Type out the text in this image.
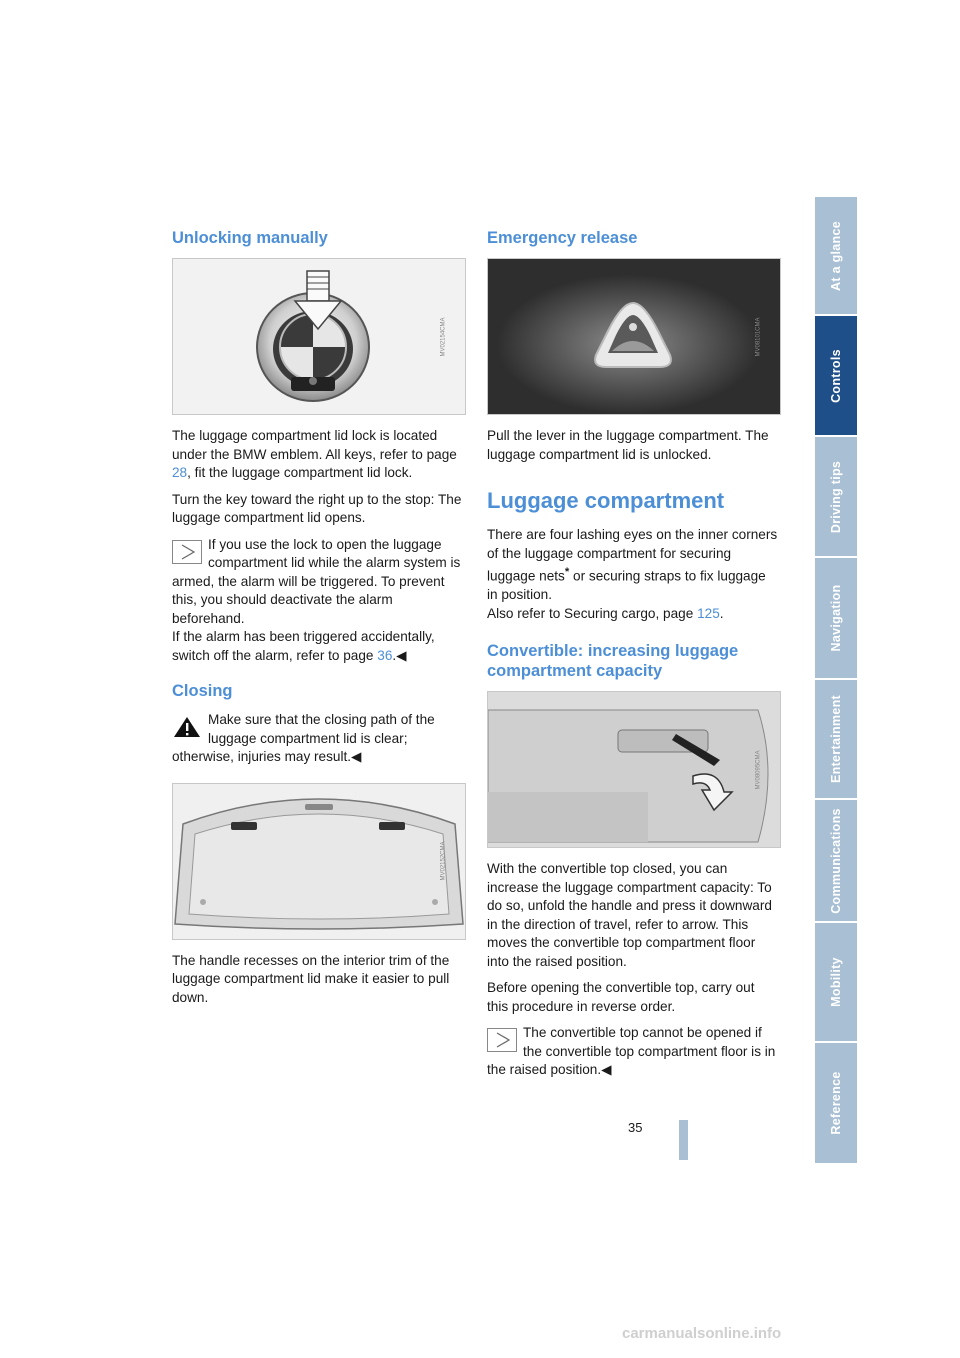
Unlocking manually
MV02154CMA

The luggage compartment lid lock is located under the BMW emblem. All keys, refer to page 28, fit the luggage compartment lid lock.

Turn the key toward the right up to the stop: The luggage compartment lid opens.

If you use the lock to open the luggage compartment lid while the alarm system is armed, the alarm will be triggered. To prevent this, you should deactivate the alarm beforehand.
If the alarm has been triggered accidentally, switch off the alarm, refer to page 36.◀

Closing

Make sure that the closing path of the luggage compartment lid is clear; otherwise, injuries may result.◀

MV02152CMA

The handle recesses on the interior trim of the luggage compartment lid make it easier to pull down.

Emergency release
MV08101CMA

Pull the lever in the luggage compartment. The luggage compartment lid is unlocked.

Luggage compartment

There are four lashing eyes on the inner corners of the luggage compartment for securing luggage nets* or securing straps to fix luggage in position.
Also refer to Securing cargo, page 125.

Convertible: increasing luggage compartment capacity
MV08095CMA

With the convertible top closed, you can increase the luggage compartment capacity: To do so, unfold the handle and press it downward in the direction of travel, refer to arrow. This moves the convertible top compartment floor into the raised position.

Before opening the convertible top, carry out this procedure in reverse order.

The convertible top cannot be opened if the convertible top compartment floor is in the raised position.◀

At a glance
Controls
Driving tips
Navigation
Entertainment
Communications
Mobility
Reference
35
carmanualsonline.info
